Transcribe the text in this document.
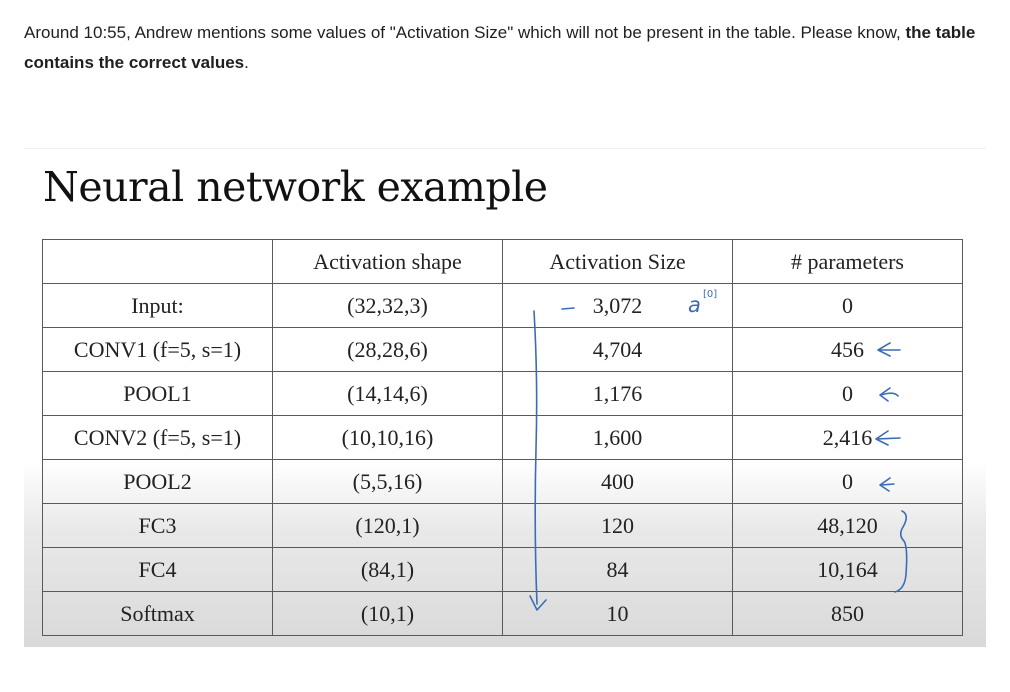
Around 10:55, Andrew mentions some values of "Activation Size" which will not be present in the table. Please know, the table contains the correct values.
Neural network example
	Activation shape	Activation Size	# parameters
Input:	(32,32,3)	3,072	0
CONV1 (f=5, s=1)	(28,28,6)	4,704	456
POOL1	(14,14,6)	1,176	0
CONV2 (f=5, s=1)	(10,10,16)	1,600	2,416
POOL2	(5,5,16)	400	0
FC3	(120,1)	120	48,120
FC4	(84,1)	84	10,164
Softmax	(10,1)	10	850
a [0]
